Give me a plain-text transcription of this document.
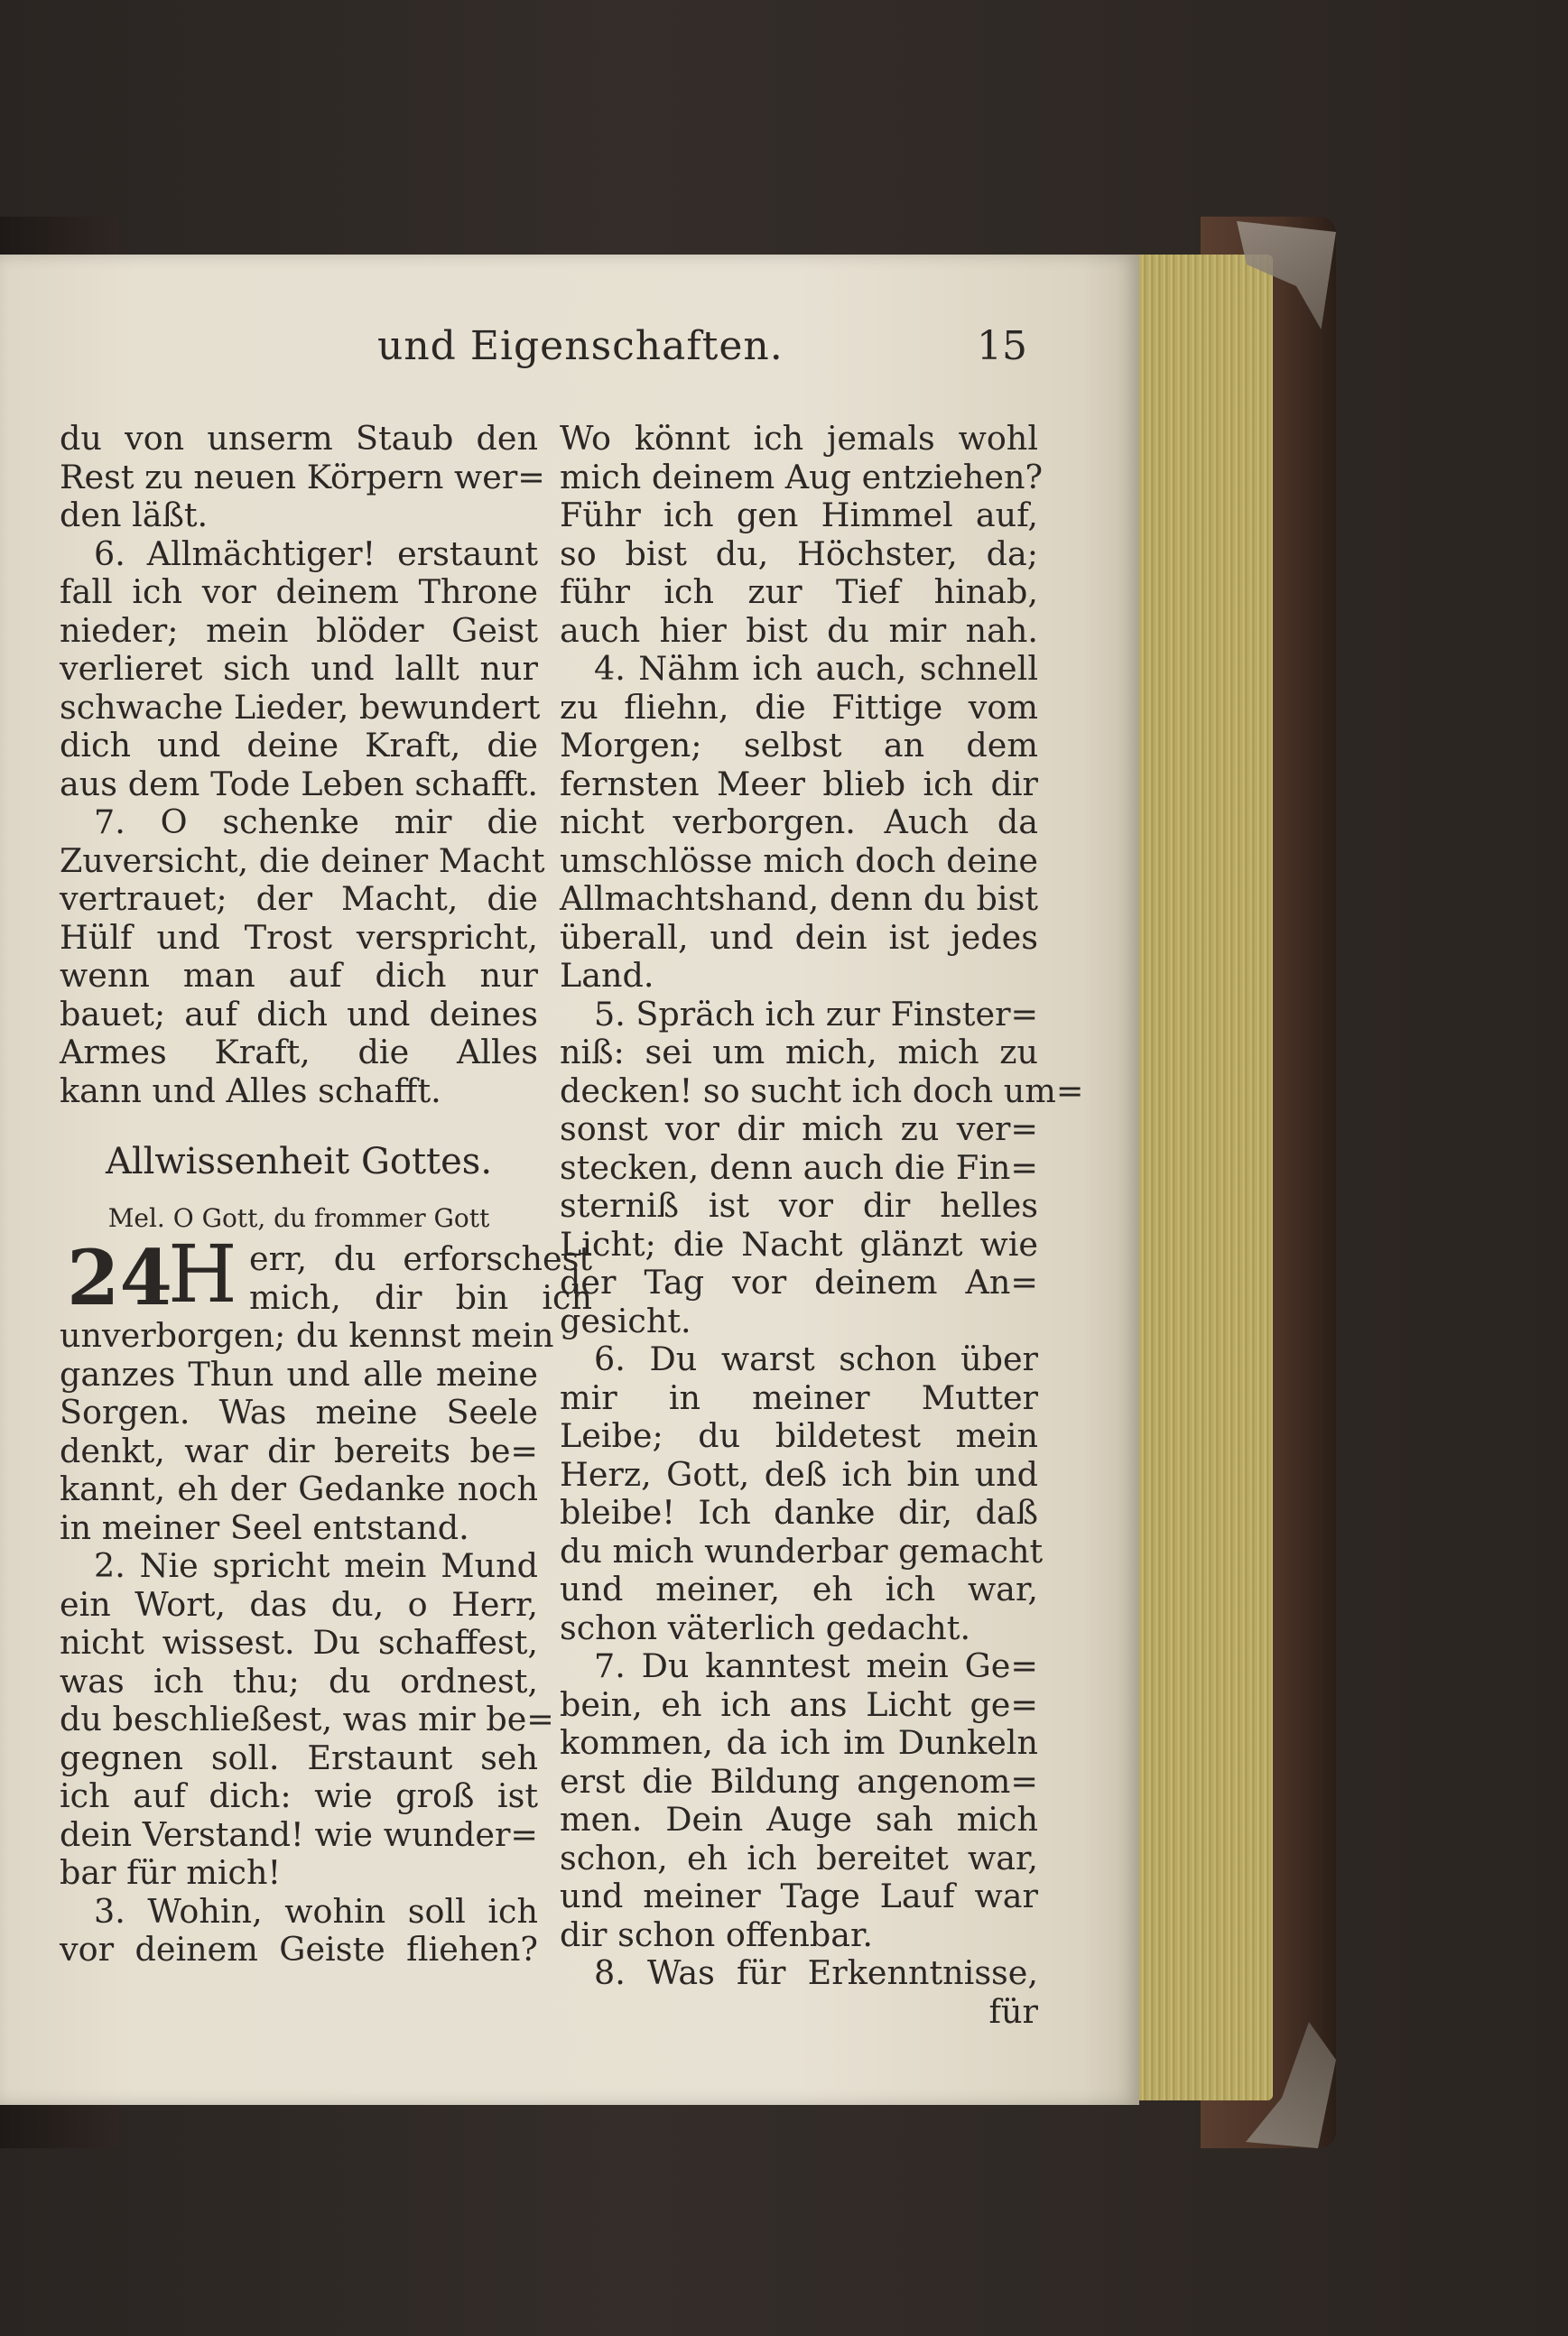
und Eigenschaften.	15
du von unserm Staub den
Rest zu neuen Körpern wer=
den läßt.
6. Allmächtiger! erstaunt
fall ich vor deinem Throne
nieder; mein blöder Geist
verlieret sich und lallt nur
schwache Lieder, bewundert
dich und deine Kraft, die
aus dem Tode Leben schafft.
7. O schenke mir die
Zuversicht, die deiner Macht
vertrauet; der Macht, die
Hülf und Trost verspricht,
wenn man auf dich nur
bauet; auf dich und deines
Armes Kraft, die Alles
kann und Alles schafft.
Allwissenheit Gottes.
Mel. O Gott, du frommer Gott
24
H err, du erforschest
mich, dir bin ich
unverborgen; du kennst mein
ganzes Thun und alle meine
Sorgen. Was meine Seele
denkt, war dir bereits be=
kannt, eh der Gedanke noch
in meiner Seel entstand.
2. Nie spricht mein Mund
ein Wort, das du, o Herr,
nicht wissest. Du schaffest,
was ich thu; du ordnest,
du beschließest, was mir be=
gegnen soll. Erstaunt seh
ich auf dich: wie groß ist
dein Verstand! wie wunder=
bar für mich!
3. Wohin, wohin soll ich
vor deinem Geiste fliehen?
Wo könnt ich jemals wohl
mich deinem Aug entziehen?
Führ ich gen Himmel auf,
so bist du, Höchster, da;
führ ich zur Tief hinab,
auch hier bist du mir nah.
4. Nähm ich auch, schnell
zu fliehn, die Fittige vom
Morgen; selbst an dem
fernsten Meer blieb ich dir
nicht verborgen. Auch da
umschlösse mich doch deine
Allmachtshand, denn du bist
überall, und dein ist jedes
Land.
5. Spräch ich zur Finster=
niß: sei um mich, mich zu
decken! so sucht ich doch um=
sonst vor dir mich zu ver=
stecken, denn auch die Fin=
sterniß ist vor dir helles
Licht; die Nacht glänzt wie
der Tag vor deinem An=
gesicht.
6. Du warst schon über
mir in meiner Mutter
Leibe; du bildetest mein
Herz, Gott, deß ich bin und
bleibe! Ich danke dir, daß
du mich wunderbar gemacht
und meiner, eh ich war,
schon väterlich gedacht.
7. Du kanntest mein Ge=
bein, eh ich ans Licht ge=
kommen, da ich im Dunkeln
erst die Bildung angenom=
men. Dein Auge sah mich
schon, eh ich bereitet war,
und meiner Tage Lauf war
dir schon offenbar.
8. Was für Erkenntnisse,
für
